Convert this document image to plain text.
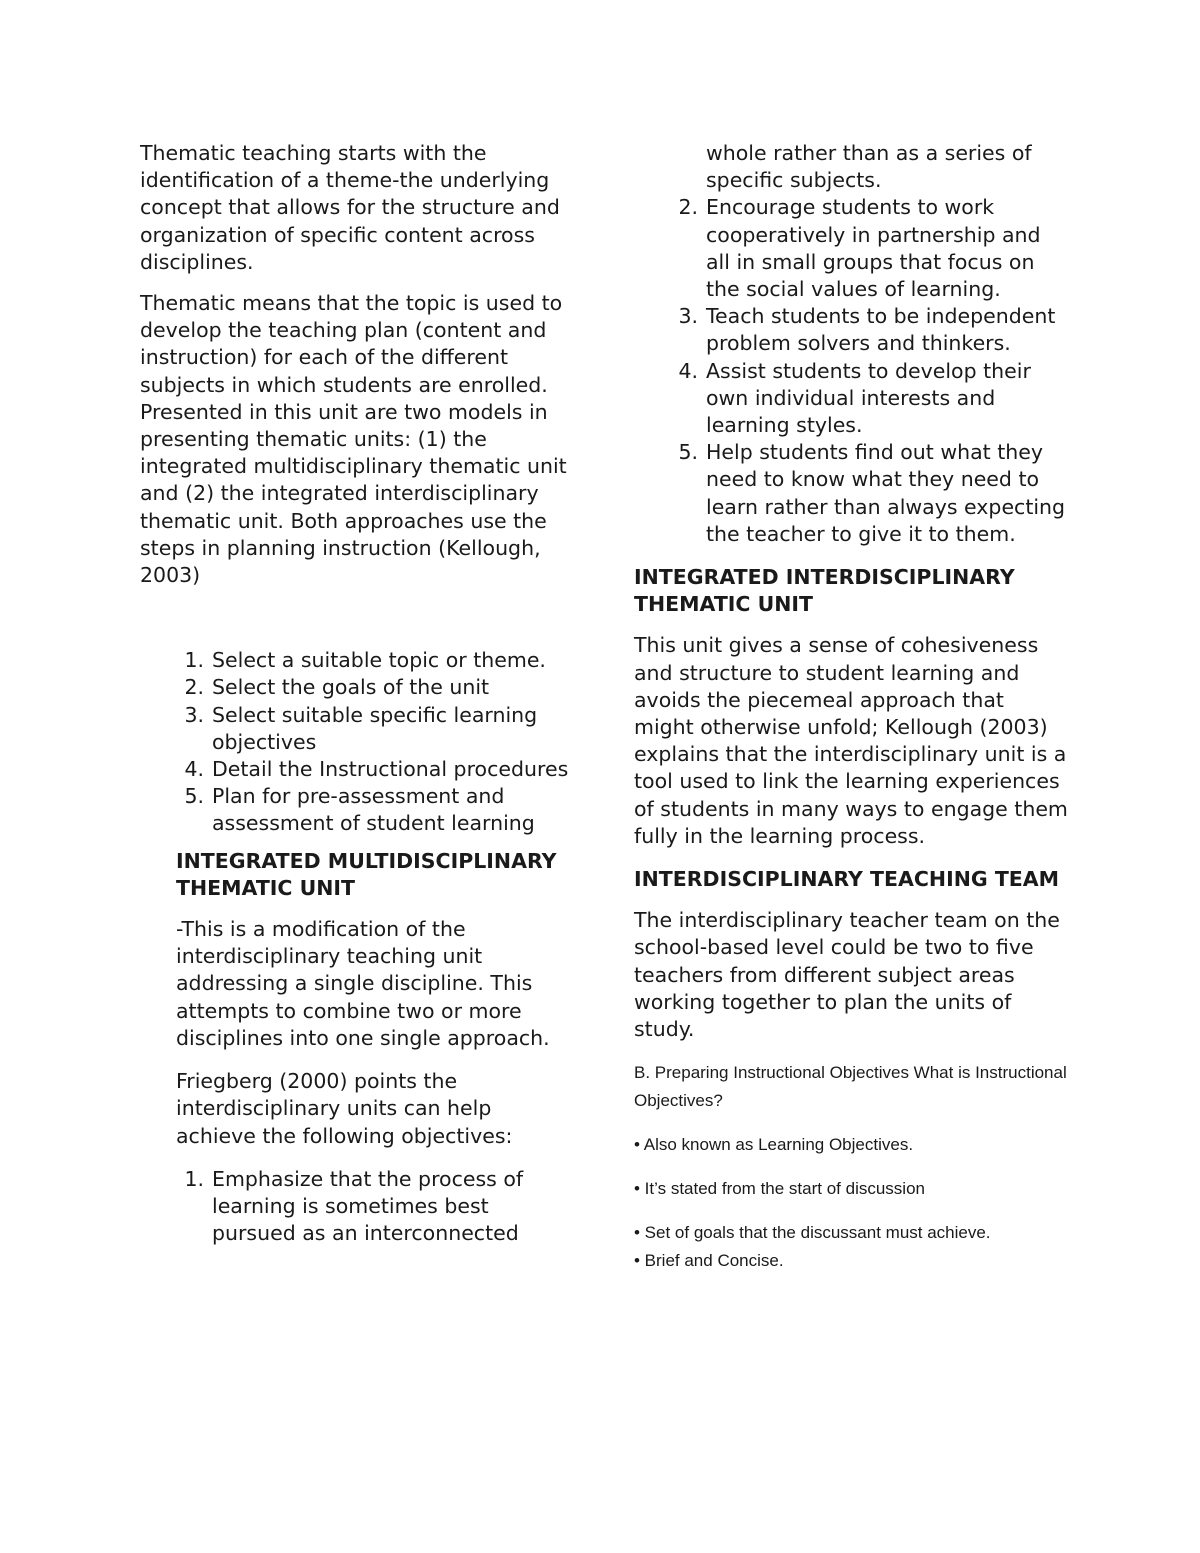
Thematic teaching starts with the identification of a theme-the underlying concept that allows for the structure and organization of specific content across disciplines.

Thematic means that the topic is used to develop the teaching plan (content and instruction) for each of the different subjects in which students are enrolled. Presented in this unit are two models in presenting thematic units: (1) the integrated multidisciplinary thematic unit and (2) the integrated interdisciplinary thematic unit. Both approaches use the steps in planning instruction (Kellough, 2003)

1. Select a suitable topic or theme.
2. Select the goals of the unit
3. Select suitable specific learning objectives
4. Detail the Instructional procedures
5. Plan for pre-assessment and assessment of student learning

INTEGRATED MULTIDISCIPLINARY THEMATIC UNIT

-This is a modification of the interdisciplinary teaching unit addressing a single discipline. This attempts to combine two or more disciplines into one single approach.

Friegberg (2000) points the interdisciplinary units can help achieve the following objectives:

1. Emphasize that the process of learning is sometimes best pursued as an interconnected
whole rather than as a series of specific subjects.
2. Encourage students to work cooperatively in partnership and all in small groups that focus on the social values of learning.
3. Teach students to be independent problem solvers and thinkers.
4. Assist students to develop their own individual interests and learning styles.
5. Help students find out what they need to know what they need to learn rather than always expecting the teacher to give it to them.

INTEGRATED INTERDISCIPLINARY THEMATIC UNIT

This unit gives a sense of cohesiveness and structure to student learning and avoids the piecemeal approach that might otherwise unfold; Kellough (2003) explains that the interdisciplinary unit is a tool used to link the learning experiences of students in many ways to engage them fully in the learning process.

INTERDISCIPLINARY TEACHING TEAM

The interdisciplinary teacher team on the school-based level could be two to five teachers from different subject areas working together to plan the units of study.

B. Preparing Instructional Objectives What is Instructional Objectives?

• Also known as Learning Objectives.

• It’s stated from the start of discussion

• Set of goals that the discussant must achieve.

• Brief and Concise.
